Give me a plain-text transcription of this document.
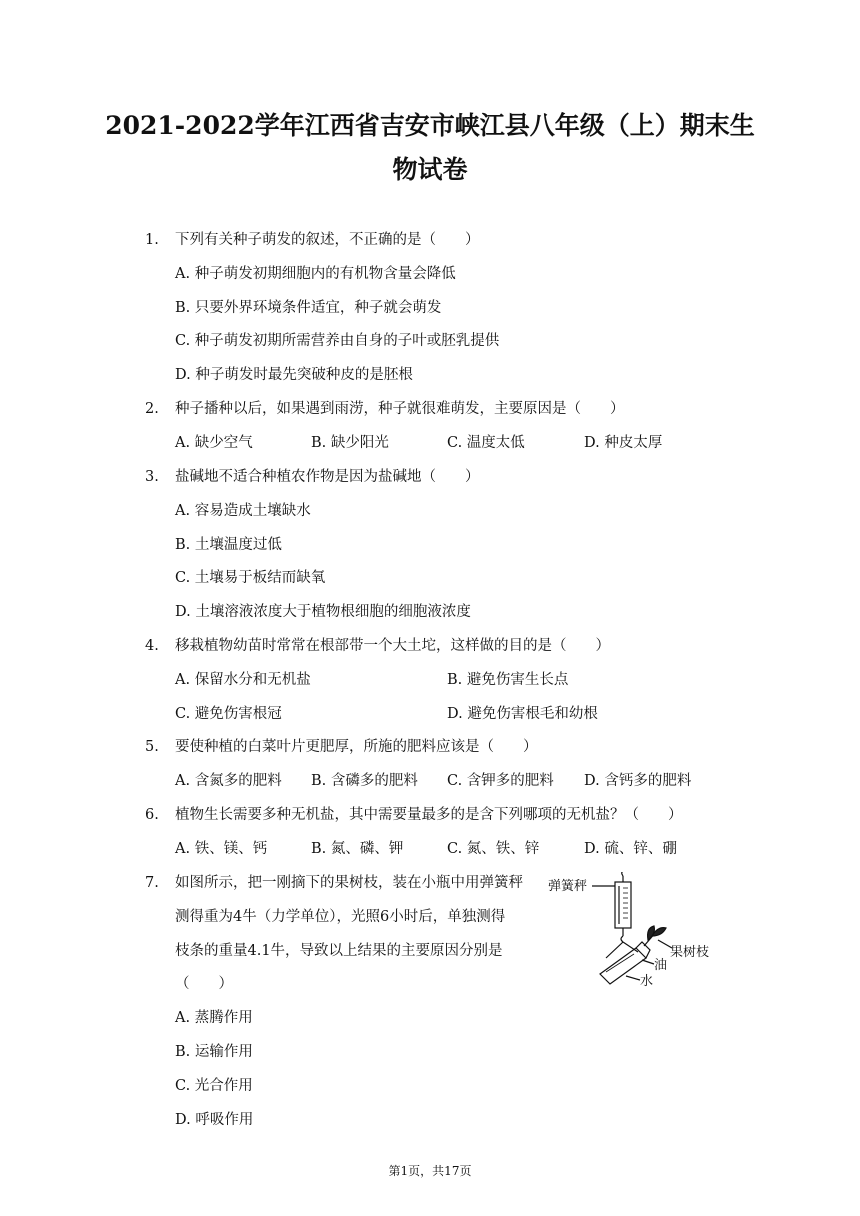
2021-2022学年江西省吉安市峡江县八年级（上）期末生
物试卷
1. 下列有关种子萌发的叙述，不正确的是（　　）
A. 种子萌发初期细胞内的有机物含量会降低
B. 只要外界环境条件适宜，种子就会萌发
C. 种子萌发初期所需营养由自身的子叶或胚乳提供
D. 种子萌发时最先突破种皮的是胚根
2. 种子播种以后，如果遇到雨涝，种子就很难萌发，主要原因是（　　）
A. 缺少空气	B. 缺少阳光	C. 温度太低	D. 种皮太厚
3. 盐碱地不适合种植农作物是因为盐碱地（　　）
A. 容易造成土壤缺水
B. 土壤温度过低
C. 土壤易于板结而缺氧
D. 土壤溶液浓度大于植物根细胞的细胞液浓度
4. 移栽植物幼苗时常常在根部带一个大土坨，这样做的目的是（　　）
A. 保留水分和无机盐	B. 避免伤害生长点
C. 避免伤害根冠	D. 避免伤害根毛和幼根
5. 要使种植的白菜叶片更肥厚，所施的肥料应该是（　　）
A. 含氮多的肥料 B. 含磷多的肥料 C. 含钾多的肥料 D. 含钙多的肥料
6. 植物生长需要多种无机盐，其中需要量最多的是含下列哪项的无机盐？（　　）
A. 铁、镁、钙	B. 氮、磷、钾	C. 氮、铁、锌	D. 硫、锌、硼
7. 如图所示，把一刚摘下的果树枝，装在小瓶中用弹簧秤
测得重为4牛（力学单位），光照6小时后，单独测得
枝条的重量4.1牛，导致以上结果的主要原因分别是
（　　）
A. 蒸腾作用
B. 运输作用
C. 光合作用
D. 呼吸作用
弹簧秤
果树枝
油
水
第1页，共17页
